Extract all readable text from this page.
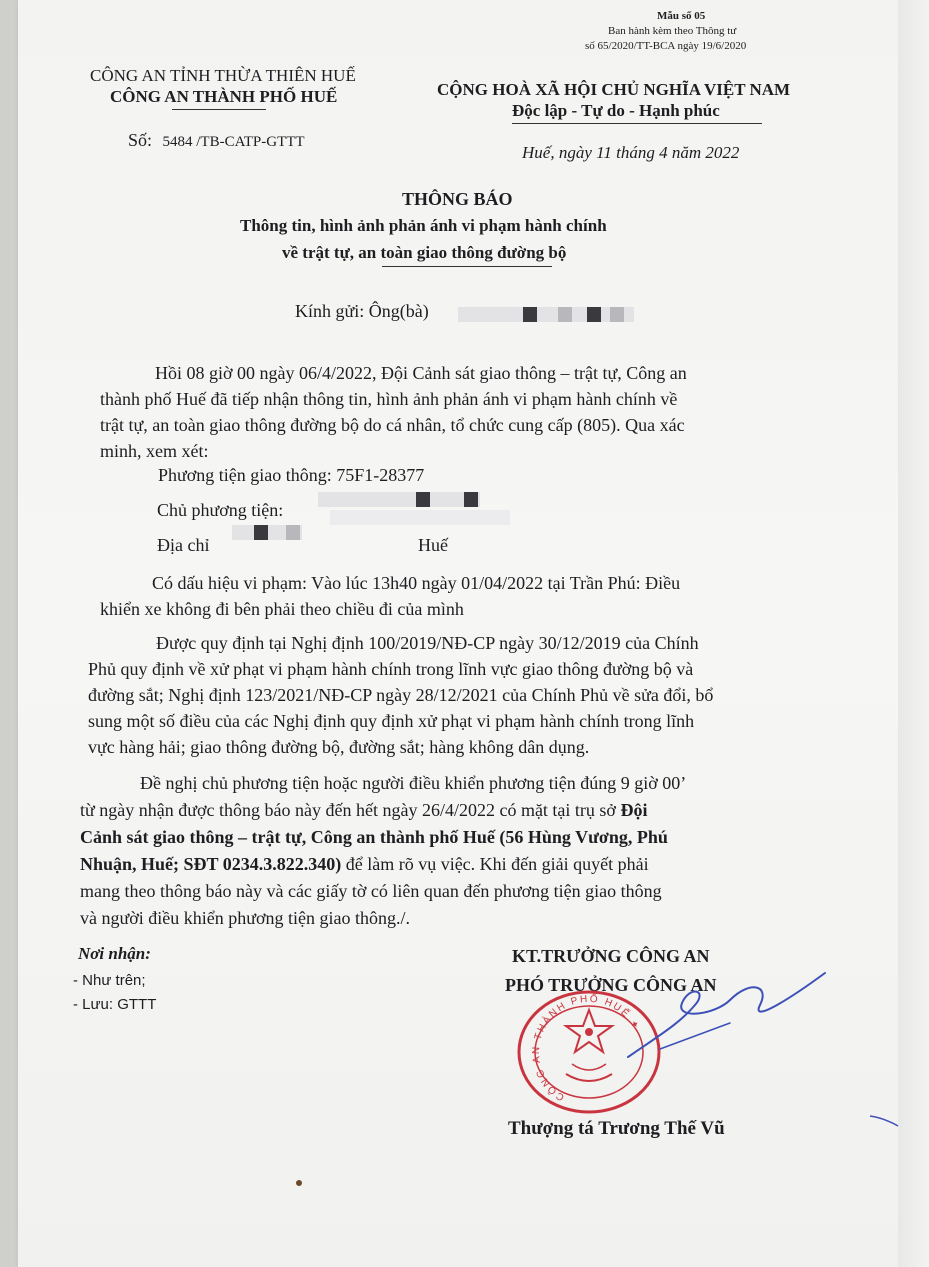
Mẫu số 05
Ban hành kèm theo Thông tư
số 65/2020/TT-BCA ngày 19/6/2020
CÔNG AN TỈNH THỪA THIÊN HUẾ
CÔNG AN THÀNH PHỐ HUẾ
Số: 5484 /TB-CATP-GTTT
CỘNG HOÀ XÃ HỘI CHỦ NGHĨA VIỆT NAM
Độc lập - Tự do - Hạnh phúc
Huế, ngày 11 tháng 4 năm 2022
THÔNG BÁO
Thông tin, hình ảnh phản ánh vi phạm hành chính
về trật tự, an toàn giao thông đường bộ
Kính gửi: Ông(bà)
Hồi 08 giờ 00 ngày 06/4/2022, Đội Cảnh sát giao thông – trật tự, Công an
thành phố Huế đã tiếp nhận thông tin, hình ảnh phản ánh vi phạm hành chính về
trật tự, an toàn giao thông đường bộ do cá nhân, tổ chức cung cấp (805). Qua xác
minh, xem xét:
Phương tiện giao thông: 75F1-28377
Chủ phương tiện:
Địa chỉ	Huế
Có dấu hiệu vi phạm: Vào lúc 13h40 ngày 01/04/2022 tại Trần Phú: Điều
khiển xe không đi bên phải theo chiều đi của mình
Được quy định tại Nghị định 100/2019/NĐ-CP ngày 30/12/2019 của Chính
Phủ quy định về xử phạt vi phạm hành chính trong lĩnh vực giao thông đường bộ và
đường sắt; Nghị định 123/2021/NĐ-CP ngày 28/12/2021 của Chính Phủ về sửa đổi, bổ
sung một số điều của các Nghị định quy định xử phạt vi phạm hành chính trong lĩnh
vực hàng hải; giao thông đường bộ, đường sắt; hàng không dân dụng.
Đề nghị chủ phương tiện hoặc người điều khiển phương tiện đúng 9 giờ 00’
từ ngày nhận được thông báo này đến hết ngày 26/4/2022 có mặt tại trụ sở Đội
Cảnh sát giao thông – trật tự, Công an thành phố Huế (56 Hùng Vương, Phú
Nhuận, Huế; SĐT 0234.3.822.340) để làm rõ vụ việc. Khi đến giải quyết phải
mang theo thông báo này và các giấy tờ có liên quan đến phương tiện giao thông
và người điều khiển phương tiện giao thông./.
Nơi nhận:
- Như trên;
- Lưu: GTTT
KT.TRƯỞNG CÔNG AN
PHÓ TRƯỞNG CÔNG AN
CÔNG AN THÀNH PHỐ HUẾ ✦
Thượng tá Trương Thế Vũ
